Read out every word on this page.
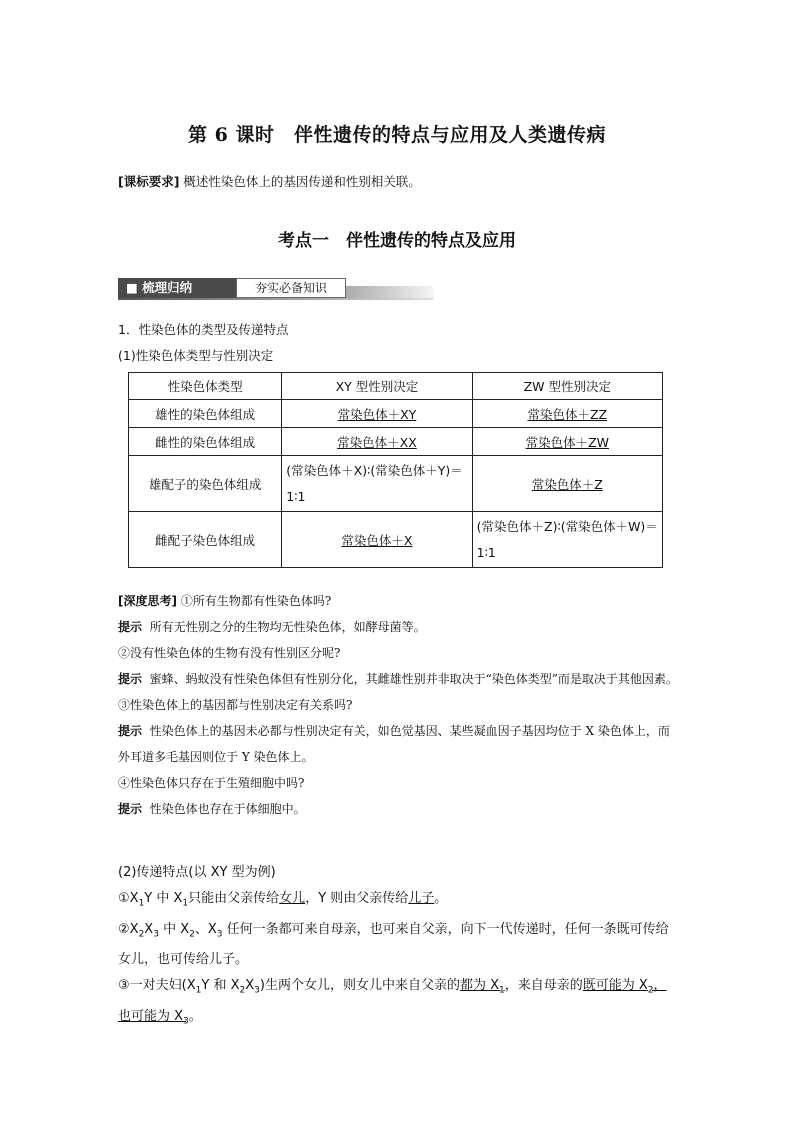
第 6 课时　伴性遗传的特点与应用及人类遗传病
[课标要求] 概述性染色体上的基因传递和性别相关联。
考点一　伴性遗传的特点及应用
■ 梳理归纳	夯实必备知识
1．性染色体的类型及传递特点
(1)性染色体类型与性别决定
性染色体类型	XY 型性别决定	ZW 型性别决定
雄性的染色体组成	常染色体＋XY	常染色体＋ZZ
雌性的染色体组成	常染色体＋XX	常染色体＋ZW
雄配子的染色体组成	(常染色体＋X)∶(常染色体＋Y)＝1∶1	常染色体＋Z
雌配子染色体组成	常染色体＋X	(常染色体＋Z)∶(常染色体＋W)＝1∶1
[深度思考] ①所有生物都有性染色体吗?
提示 所有无性别之分的生物均无性染色体，如酵母菌等。
②没有性染色体的生物有没有性别区分呢?
提示 蜜蜂、蚂蚁没有性染色体但有性别分化，其雌雄性别并非取决于“染色体类型”而是取决于其他因素。
③性染色体上的基因都与性别决定有关系吗?
提示 性染色体上的基因未必都与性别决定有关，如色觉基因、某些凝血因子基因均位于 X 染色体上，而外耳道多毛基因则位于 Y 染色体上。
④性染色体只存在于生殖细胞中吗?
提示 性染色体也存在于体细胞中。
(2)传递特点(以 XY 型为例)
$①X_1Y$ 中 $X_1$只能由父亲传给女儿，Y 则由父亲传给儿子。
$②X_2X_3$ 中 $X_2$、$X_3$ 任何一条都可来自母亲，也可来自父亲，向下一代传递时，任何一条既可传给女儿，也可传给儿子。
③一对夫妇($X_1Y$ 和 $X_2X_3$)生两个女儿，则女儿中来自父亲的都为 $X_1$，来自母亲的既可能为 $X_2$，也可能为 $X_3$。
